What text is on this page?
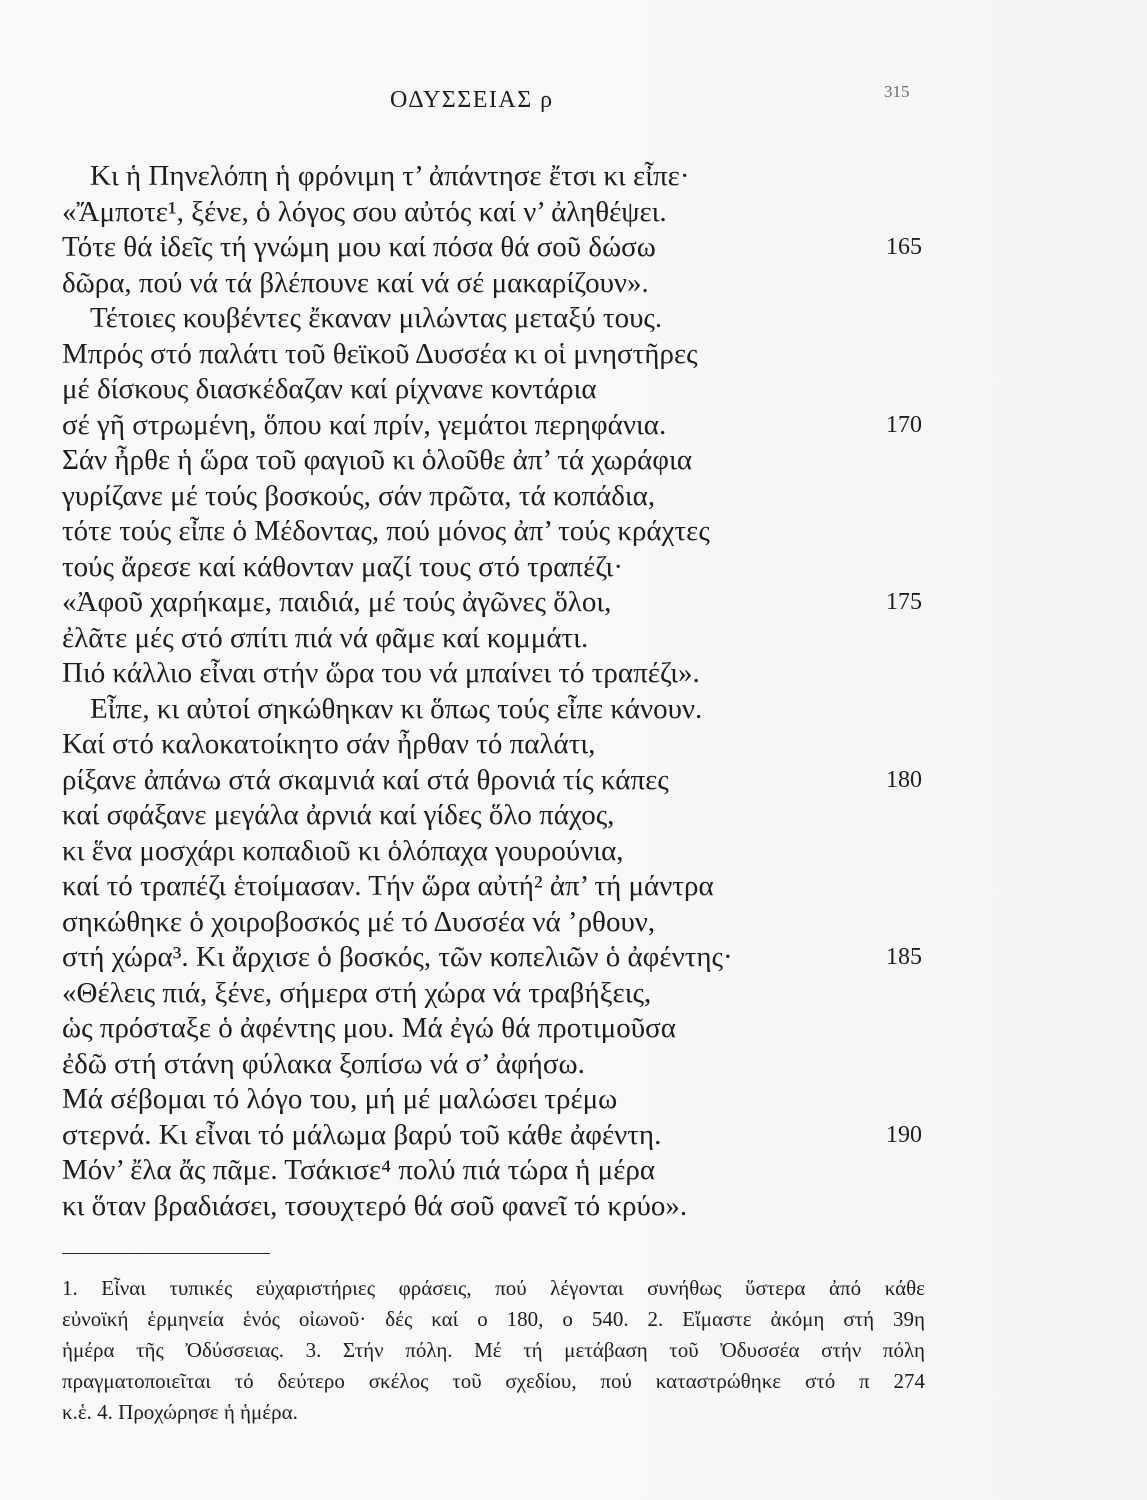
ΟΔΥΣΣΕΙΑΣ ρ	315
Κι ἡ Πηνελόπη ἡ φρόνιμη τ’ ἀπάντησε ἔτσι κι εἶπε·
«Ἄμποτε¹, ξένε, ὁ λόγος σου αὐτός καί ν’ ἀληθέψει.
Τότε θά ἰδεῖς τή γνώμη μου καί πόσα θά σοῦ δώσω	165
δῶρα, πού νά τά βλέπουνε καί νά σέ μακαρίζουν».
Τέτοιες κουβέντες ἔκαναν μιλώντας μεταξύ τους.
Μπρός στό παλάτι τοῦ θεϊκοῦ Δυσσέα κι οἱ μνηστῆρες
μέ δίσκους διασκέδαζαν καί ρίχνανε κοντάρια
σέ γῆ στρωμένη, ὅπου καί πρίν, γεμάτοι περηφάνια.	170
Σάν ἦρθε ἡ ὥρα τοῦ φαγιοῦ κι ὁλοῦθε ἀπ’ τά χωράφια
γυρίζανε μέ τούς βοσκούς, σάν πρῶτα, τά κοπάδια,
τότε τούς εἶπε ὁ Μέδοντας, πού μόνος ἀπ’ τούς κράχτες
τούς ἄρεσε καί κάθονταν μαζί τους στό τραπέζι·
«Ἀφοῦ χαρήκαμε, παιδιά, μέ τούς ἀγῶνες ὅλοι,	175
ἐλᾶτε μές στό σπίτι πιά νά φᾶμε καί κομμάτι.
Πιό κάλλιο εἶναι στήν ὥρα του νά μπαίνει τό τραπέζι».
Εἶπε, κι αὐτοί σηκώθηκαν κι ὅπως τούς εἶπε κάνουν.
Καί στό καλοκατοίκητο σάν ἦρθαν τό παλάτι,
ρίξανε ἀπάνω στά σκαμνιά καί στά θρονιά τίς κάπες	180
καί σφάξανε μεγάλα ἀρνιά καί γίδες ὅλο πάχος,
κι ἕνα μοσχάρι κοπαδιοῦ κι ὁλόπαχα γουρούνια,
καί τό τραπέζι ἑτοίμασαν. Τήν ὥρα αὐτή² ἀπ’ τή μάντρα
σηκώθηκε ὁ χοιροβοσκός μέ τό Δυσσέα νά ’ρθουν,
στή χώρα³. Κι ἄρχισε ὁ βοσκός, τῶν κοπελιῶν ὁ ἀφέντης·	185
«Θέλεις πιά, ξένε, σήμερα στή χώρα νά τραβήξεις,
ὡς πρόσταξε ὁ ἀφέντης μου. Μά ἐγώ θά προτιμοῦσα
ἐδῶ στή στάνη φύλακα ξοπίσω νά σ’ ἀφήσω.
Μά σέβομαι τό λόγο του, μή μέ μαλώσει τρέμω
στερνά. Κι εἶναι τό μάλωμα βαρύ τοῦ κάθε ἀφέντη.	190
Μόν’ ἔλα ἄς πᾶμε. Τσάκισε⁴ πολύ πιά τώρα ἡ μέρα
κι ὅταν βραδιάσει, τσουχτερό θά σοῦ φανεῖ τό κρύο».
1. Εἶναι τυπικές εὐχαριστήριες φράσεις, πού λέγονται συνήθως ὕστερα ἀπό κάθε
εὐνοϊκή ἑρμηνεία ἑνός οἰωνοῦ· δές καί ο 180, ο 540. 2. Εἴμαστε ἀκόμη στή 39η
ἡμέρα τῆς Ὀδύσσειας. 3. Στήν πόλη. Μέ τή μετάβαση τοῦ Ὀδυσσέα στήν πόλη
πραγματοποιεῖται τό δεύτερο σκέλος τοῦ σχεδίου, πού καταστρώθηκε στό π 274
κ.ἑ. 4. Προχώρησε ἡ ἡμέρα.
